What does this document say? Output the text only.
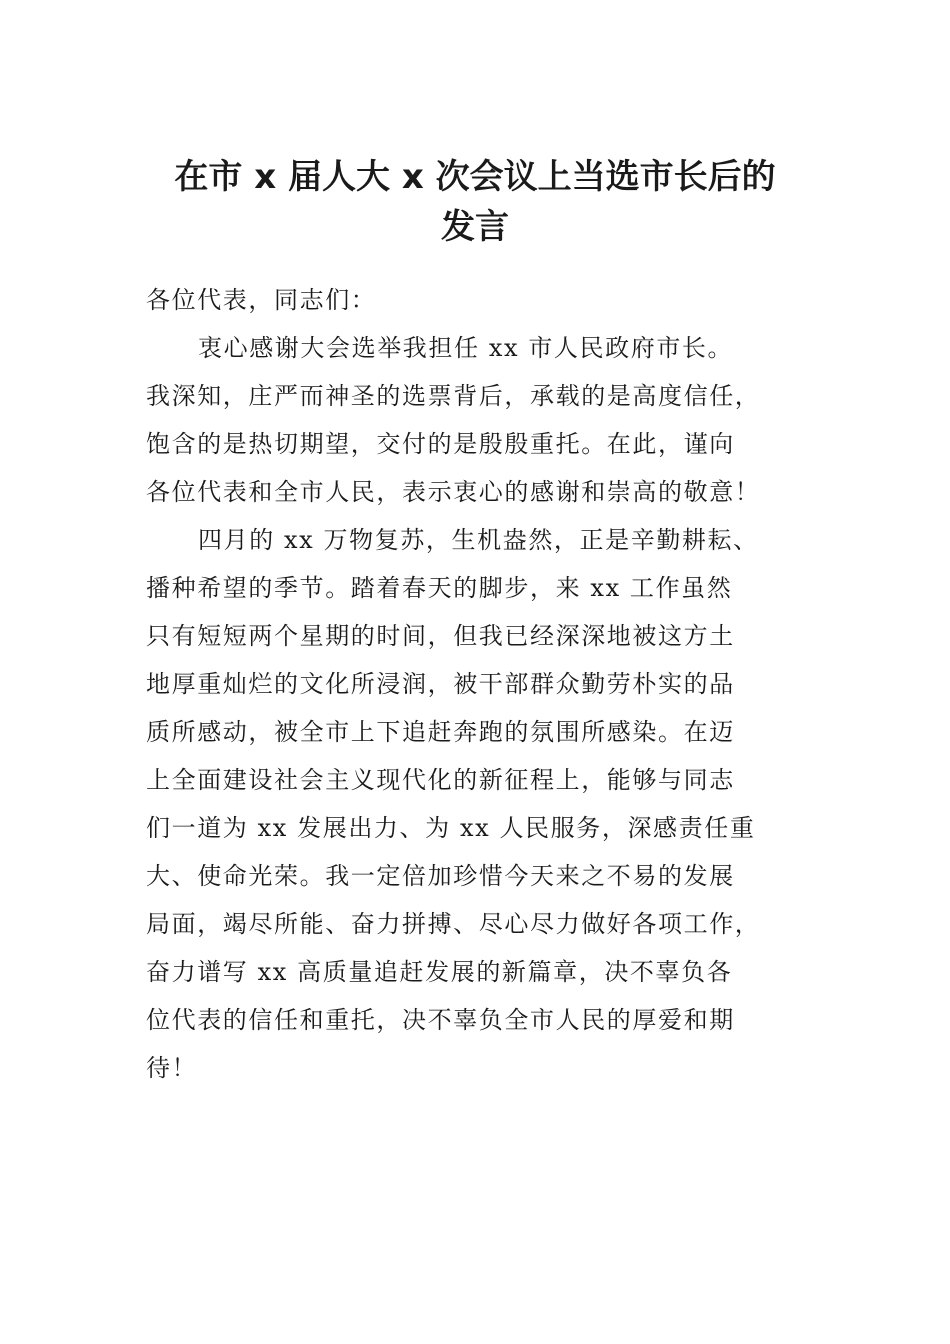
在市 x 届人大 x 次会议上当选市长后的
发言
各位代表，同志们：
衷心感谢大会选举我担任 xx 市人民政府市长。
我深知，庄严而神圣的选票背后，承载的是高度信任，
饱含的是热切期望，交付的是殷殷重托。在此，谨向
各位代表和全市人民，表示衷心的感谢和崇高的敬意！
四月的 xx 万物复苏，生机盎然，正是辛勤耕耘、
播种希望的季节。踏着春天的脚步，来 xx 工作虽然
只有短短两个星期的时间，但我已经深深地被这方土
地厚重灿烂的文化所浸润，被干部群众勤劳朴实的品
质所感动，被全市上下追赶奔跑的氛围所感染。在迈
上全面建设社会主义现代化的新征程上，能够与同志
们一道为 xx 发展出力、为 xx 人民服务，深感责任重
大、使命光荣。我一定倍加珍惜今天来之不易的发展
局面，竭尽所能、奋力拼搏、尽心尽力做好各项工作，
奋力谱写 xx 高质量追赶发展的新篇章，决不辜负各
位代表的信任和重托，决不辜负全市人民的厚爱和期
待！
